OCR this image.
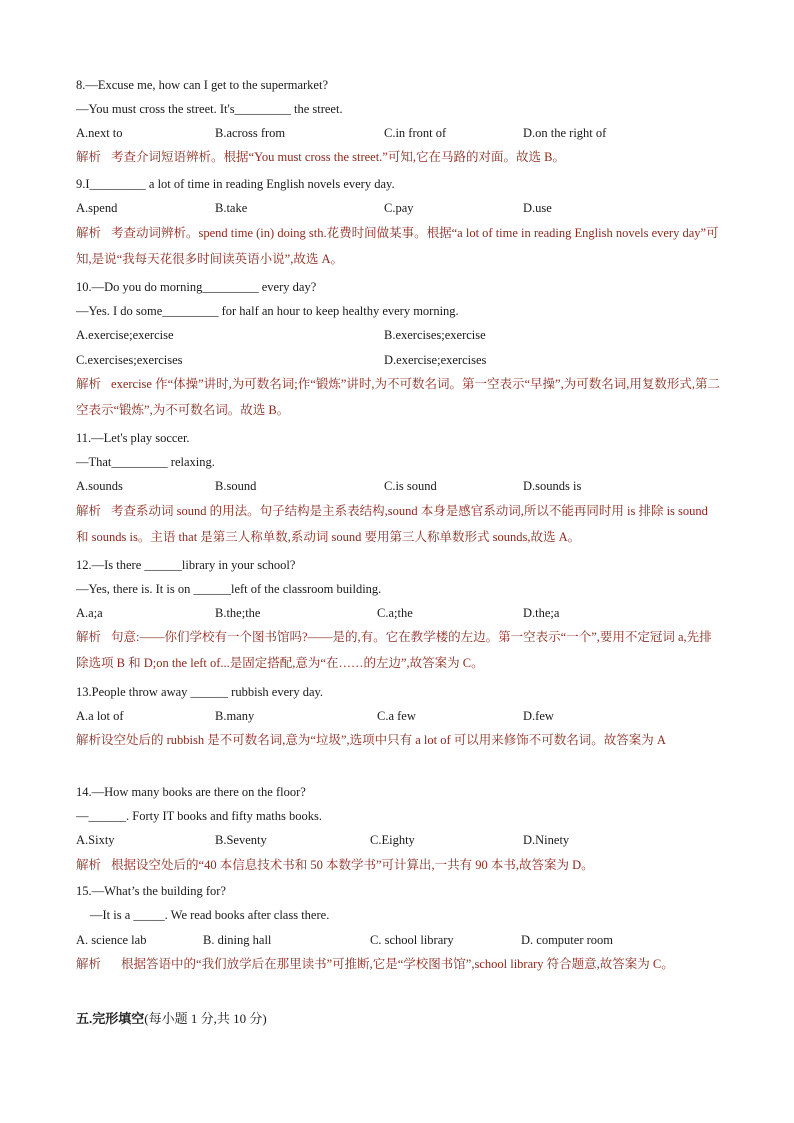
8.—Excuse me, how can I get to the supermarket?
—You must cross the street. It's_________ the street.
A.next to	B.across from	C.in front of	D.on the right of
解析 考查介词短语辨析。根据“You must cross the street.”可知,它在马路的对面。故选 B。
9.I_________ a lot of time in reading English novels every day.
A.spend	B.take	C.pay	D.use
解析 考查动词辨析。spend time (in) doing sth.花费时间做某事。根据“a lot of time in reading English novels every day”可知,是说“我每天花很多时间读英语小说”,故选 A。
10.—Do you do morning_________ every day?
—Yes. I do some_________ for half an hour to keep healthy every morning.
A.exercise;exercise	B.exercises;exercise
C.exercises;exercises	D.exercise;exercises
解析 exercise 作“体操”讲时,为可数名词;作“锻炼”讲时,为不可数名词。第一空表示“早操”,为可数名词,用复数形式,第二空表示“锻炼”,为不可数名词。故选 B。
11.—Let's play soccer.
—That_________ relaxing.
A.sounds	B.sound	C.is sound	D.sounds is
解析 考查系动词 sound 的用法。句子结构是主系表结构,sound 本身是感官系动词,所以不能再同时用 is 排除 is sound 和 sounds is。主语 that 是第三人称单数,系动词 sound 要用第三人称单数形式 sounds,故选 A。
12.—Is there ______library in your school?
—Yes, there is. It is on ______left of the classroom building.
A.a;a	B.the;the	C.a;the	D.the;a
解析 句意:——你们学校有一个图书馆吗?——是的,有。它在教学楼的左边。第一空表示“一个”,要用不定冠词 a,先排除选项 B 和 D;on the left of...是固定搭配,意为“在……的左边”,故答案为 C。
13.People throw away ______ rubbish every day.
A.a lot of	B.many	C.a few	D.few
解析设空处后的 rubbish 是不可数名词,意为“垃圾”,选项中只有 a lot of 可以用来修饰不可数名词。故答案为 A
14.—How many books are there on the floor?
—______. Forty IT books and fifty maths books.
A.Sixty	B.Seventy	C.Eighty	D.Ninety
解析 根据设空处后的“40 本信息技术书和 50 本数学书”可计算出,一共有 90 本书,故答案为 D。
15.—What’s the building for?
—It is a _____. We read books after class there.
A. science lab	B. dining hall	C. school library	D. computer room
解析 根据答语中的“我们放学后在那里读书”可推断,它是“学校图书馆”,school library 符合题意,故答案为 C。
五.完形填空(每小题 1 分,共 10 分)
